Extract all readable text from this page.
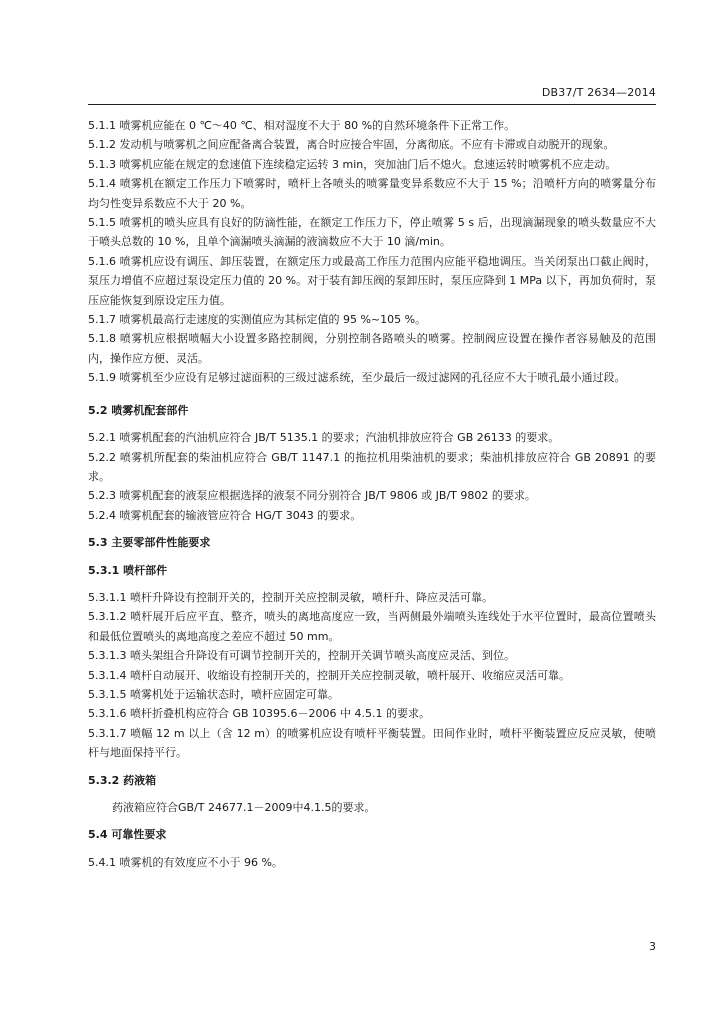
DB37/T 2634—2014

5.1.1 喷雾机应能在 0 ℃～40 ℃、相对湿度不大于 80 %的自然环境条件下正常工作。

5.1.2 发动机与喷雾机之间应配备离合装置，离合时应接合牢固，分离彻底。不应有卡滞或自动脱开的现象。

5.1.3 喷雾机应能在规定的怠速值下连续稳定运转 3 min，突加油门后不熄火。怠速运转时喷雾机不应走动。

5.1.4 喷雾机在额定工作压力下喷雾时，喷杆上各喷头的喷雾量变异系数应不大于 15 %；沿喷杆方向的喷雾量分布均匀性变异系数应不大于 20 %。

5.1.5 喷雾机的喷头应具有良好的防滴性能，在额定工作压力下，停止喷雾 5 s 后，出现滴漏现象的喷头数量应不大于喷头总数的 10 %，且单个滴漏喷头滴漏的液滴数应不大于 10 滴/min。

5.1.6 喷雾机应设有调压、卸压装置，在额定压力或最高工作压力范围内应能平稳地调压。当关闭泵出口截止阀时，泵压力增值不应超过泵设定压力值的 20 %。对于装有卸压阀的泵卸压时，泵压应降到 1 MPa 以下，再加负荷时，泵压应能恢复到原设定压力值。

5.1.7 喷雾机最高行走速度的实测值应为其标定值的 95 %~105 %。

5.1.8 喷雾机应根据喷幅大小设置多路控制阀，分别控制各路喷头的喷雾。控制阀应设置在操作者容易触及的范围内，操作应方便、灵活。

5.1.9 喷雾机至少应设有足够过滤面积的三级过滤系统，至少最后一级过滤网的孔径应不大于喷孔最小通过段。

5.2 喷雾机配套部件

5.2.1 喷雾机配套的汽油机应符合 JB/T 5135.1 的要求；汽油机排放应符合 GB 26133 的要求。

5.2.2 喷雾机所配套的柴油机应符合 GB/T 1147.1 的拖拉机用柴油机的要求；柴油机排放应符合 GB 20891 的要求。

5.2.3 喷雾机配套的液泵应根据选择的液泵不同分别符合 JB/T 9806 或 JB/T 9802 的要求。

5.2.4 喷雾机配套的输液管应符合 HG/T 3043 的要求。

5.3 主要零部件性能要求

5.3.1 喷杆部件

5.3.1.1 喷杆升降设有控制开关的，控制开关应控制灵敏，喷杆升、降应灵活可靠。

5.3.1.2 喷杆展开后应平直、整齐，喷头的离地高度应一致，当两侧最外端喷头连线处于水平位置时，最高位置喷头和最低位置喷头的离地高度之差应不超过 50 mm。

5.3.1.3 喷头架组合升降设有可调节控制开关的，控制开关调节喷头高度应灵活、到位。

5.3.1.4 喷杆自动展开、收缩设有控制开关的，控制开关应控制灵敏，喷杆展开、收缩应灵活可靠。

5.3.1.5 喷雾机处于运输状态时，喷杆应固定可靠。

5.3.1.6 喷杆折叠机构应符合 GB 10395.6－2006 中 4.5.1 的要求。

5.3.1.7 喷幅 12 m 以上（含 12 m）的喷雾机应设有喷杆平衡装置。田间作业时，喷杆平衡装置应反应灵敏，使喷杆与地面保持平行。

5.3.2 药液箱

药液箱应符合GB/T 24677.1－2009中4.1.5的要求。

5.4 可靠性要求

5.4.1 喷雾机的有效度应不小于 96 %。

3
